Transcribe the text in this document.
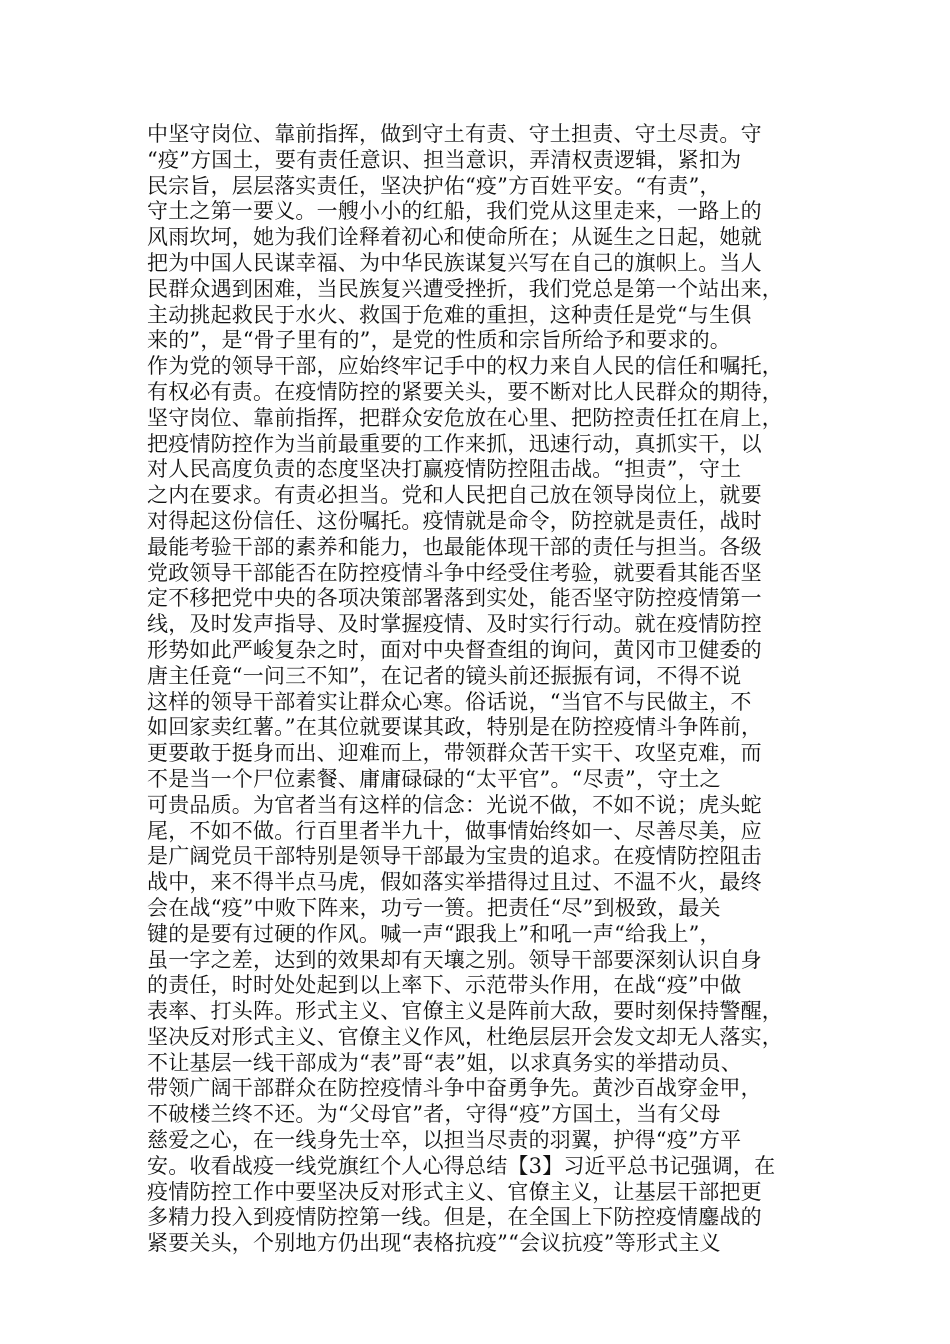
中坚守岗位、靠前指挥，做到守土有责、守土担责、守土尽责。守
“疫”方国土，要有责任意识、担当意识，弄清权责逻辑，紧扣为
民宗旨，层层落实责任，坚决护佑“疫”方百姓平安。“有责”，
守土之第一要义。一艘小小的红船，我们党从这里走来，一路上的
风雨坎坷，她为我们诠释着初心和使命所在；从诞生之日起，她就
把为中国人民谋幸福、为中华民族谋复兴写在自己的旗帜上。当人
民群众遇到困难，当民族复兴遭受挫折，我们党总是第一个站出来，
主动挑起救民于水火、救国于危难的重担，这种责任是党“与生俱
来的”，是“骨子里有的”，是党的性质和宗旨所给予和要求的。
作为党的领导干部，应始终牢记手中的权力来自人民的信任和嘱托，
有权必有责。在疫情防控的紧要关头，要不断对比人民群众的期待，
坚守岗位、靠前指挥，把群众安危放在心里、把防控责任扛在肩上，
把疫情防控作为当前最重要的工作来抓，迅速行动，真抓实干，以
对人民高度负责的态度坚决打赢疫情防控阻击战。“担责”，守土
之内在要求。有责必担当。党和人民把自己放在领导岗位上，就要
对得起这份信任、这份嘱托。疫情就是命令，防控就是责任，战时
最能考验干部的素养和能力，也最能体现干部的责任与担当。各级
党政领导干部能否在防控疫情斗争中经受住考验，就要看其能否坚
定不移把党中央的各项决策部署落到实处，能否坚守防控疫情第一
线，及时发声指导、及时掌握疫情、及时实行行动。就在疫情防控
形势如此严峻复杂之时，面对中央督查组的询问，黄冈市卫健委的
唐主任竟“一问三不知”，在记者的镜头前还振振有词，不得不说
这样的领导干部着实让群众心寒。俗话说，“当官不与民做主，不
如回家卖红薯。”在其位就要谋其政，特别是在防控疫情斗争阵前，
更要敢于挺身而出、迎难而上，带领群众苦干实干、攻坚克难，而
不是当一个尸位素餐、庸庸碌碌的“太平官”。“尽责”，守土之
可贵品质。为官者当有这样的信念：光说不做，不如不说；虎头蛇
尾，不如不做。行百里者半九十，做事情始终如一、尽善尽美，应
是广阔党员干部特别是领导干部最为宝贵的追求。在疫情防控阻击
战中，来不得半点马虎，假如落实举措得过且过、不温不火，最终
会在战“疫”中败下阵来，功亏一篑。把责任“尽”到极致，最关
键的是要有过硬的作风。喊一声“跟我上”和吼一声“给我上”，
虽一字之差，达到的效果却有天壤之别。领导干部要深刻认识自身
的责任，时时处处起到以上率下、示范带头作用，在战“疫”中做
表率、打头阵。形式主义、官僚主义是阵前大敌，要时刻保持警醒，
坚决反对形式主义、官僚主义作风，杜绝层层开会发文却无人落实，
不让基层一线干部成为“表”哥“表”姐，以求真务实的举措动员、
带领广阔干部群众在防控疫情斗争中奋勇争先。黄沙百战穿金甲，
不破楼兰终不还。为“父母官”者，守得“疫”方国土，当有父母
慈爱之心，在一线身先士卒，以担当尽责的羽翼，护得“疫”方平
安。收看战疫一线党旗红个人心得总结【3】习近平总书记强调，在
疫情防控工作中要坚决反对形式主义、官僚主义，让基层干部把更
多精力投入到疫情防控第一线。但是，在全国上下防控疫情鏖战的
紧要关头，个别地方仍出现“表格抗疫”“会议抗疫”等形式主义
